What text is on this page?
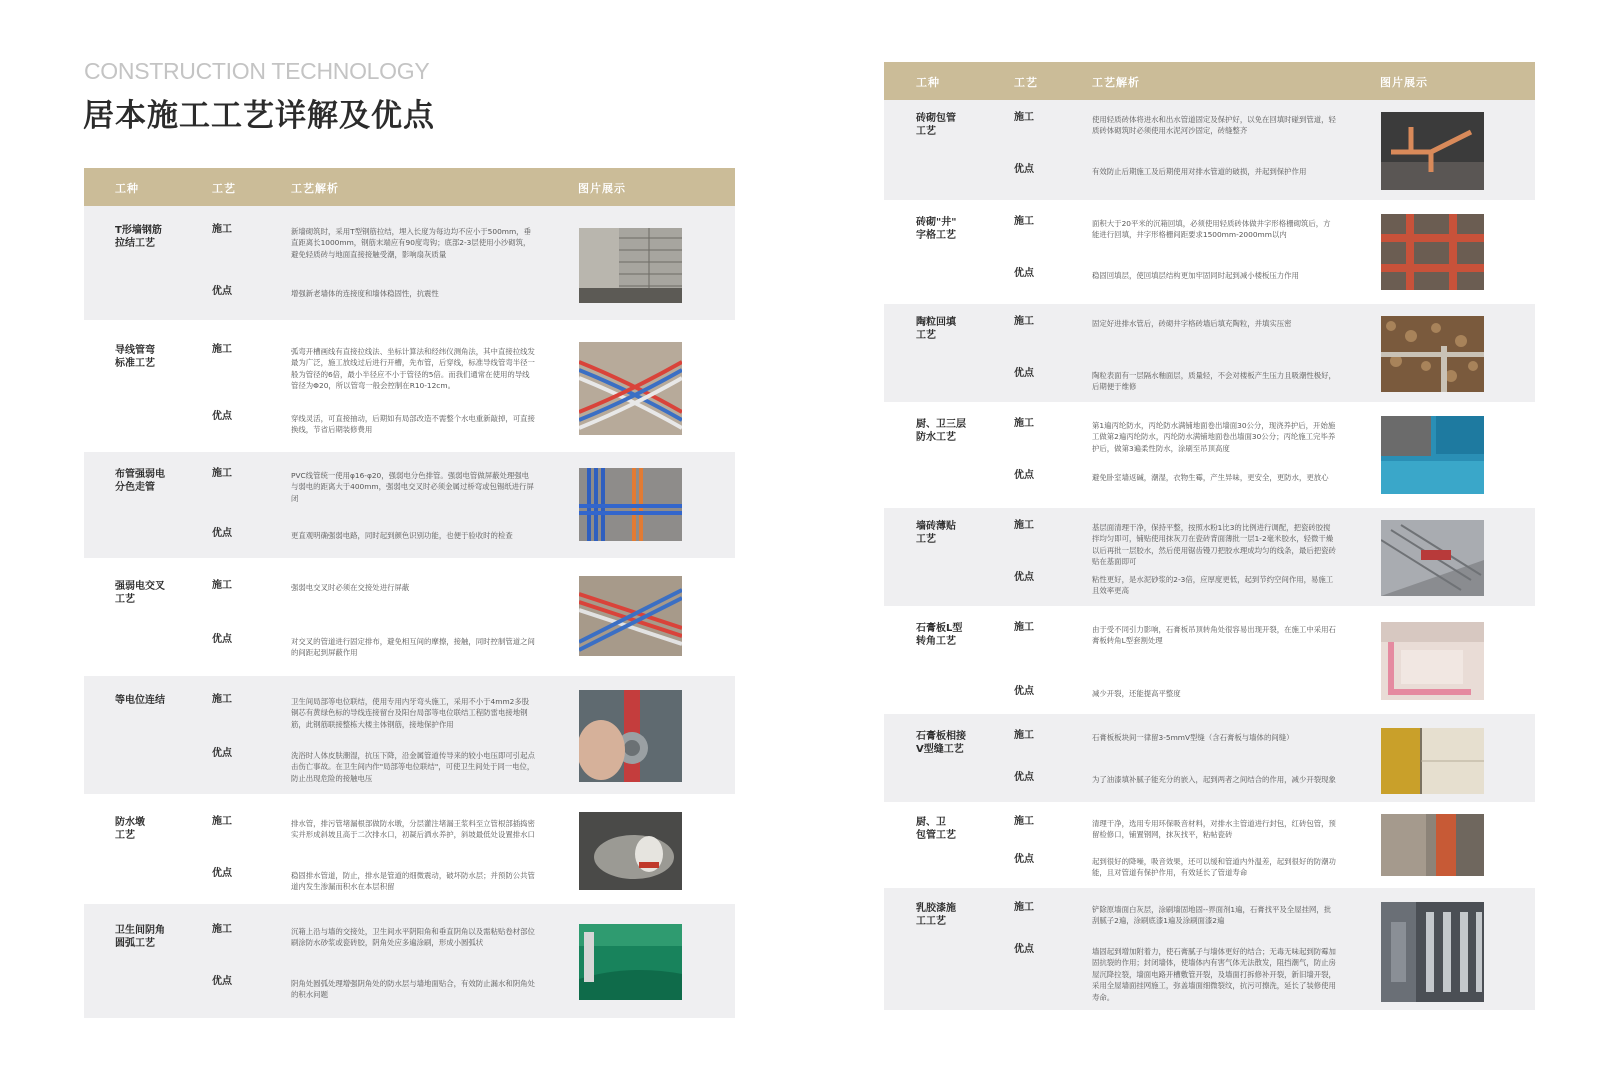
CONSTRUCTION TECHNOLOGY
居本施工工艺详解及优点
工种	工艺	工艺解析	图片展示
T形墙钢筋
拉结工艺
施工	新墙砌筑时，采用T型钢筋拉结，埋入长度为每边均不应小于500mm，垂直距离长1000mm，钢筋末端应有90度弯钩；底部2-3层使用小沙砌筑，避免轻质砖与地面直接接触受潮，影响扇灰质量
优点	增强新老墙体的连接度和墙体稳固性，抗震性
导线管弯
标准工艺
施工	弧弯开槽画线有直接拉线法、坐标计算法和经纬仪测角法，其中直接拉线发最为广泛，施工放线过后进行开槽，先布管，后穿线，标准导线管弯半径一般为管径的6倍，最小半径应不小于管径的5倍。而我们通常在使用的导线管径为Φ20，所以管弯一般会控制在R10-12cm。
优点	穿线灵活，可直接抽动，后期如有局部改造不需整个水电重新敲掉，可直接换线，节省后期装修费用
布管强弱电
分色走管
施工	PVC线管统一使用φ16-φ20，强弱电分色排管。强弱电管做屏蔽处理强电与弱电的距离大于400mm，强弱电交叉时必须金属过桥弯或包锡纸进行屏闭
优点	更直观明确强弱电路，同时起到颜色识别功能，也便于验收时的检查
强弱电交叉
工艺
施工	强弱电交叉时必须在交接处进行屏蔽
优点	对交叉的管道进行固定排布，避免相互间的摩擦，接触，同时控制管道之间的间距起到屏蔽作用
等电位连结	施工	卫生间局部等电位联结，使用专用内牙弯头施工，采用不小于4mm2多股铜芯有黄绿色标的导线连接留台及阳台局部等电位联结工程防雷电接地钢筋，此钢筋联接整栋大楼主体钢筋，接地保护作用
优点	洗浴时人体皮肤潮湿，抗压下降，沿金属管道传导来的较小电压即可引起点击伤亡事故。在卫生间内作"局部等电位联结"，可使卫生间处于同一电位，防止出现危险的接触电压
防水墩
工艺
施工	排水管，排污管堵漏根部做防水墩，分层灌注堵漏王浆料至立管根部插捣密实并形成斜坡且高于二次排水口，初凝后洒水养护，斜坡最低处设置排水口
优点	稳固排水管道，防止，排水是管道的细微震动，破坏防水层；并预防公共管道内发生渗漏而积水在本层积留
卫生间阴角
圆弧工艺
施工	沉箱上沿与墙的交接处，卫生间水平阴阳角和垂直阴角以及需粘贴卷材部位刷涂防水砂浆或瓷砖胶，阴角处应多遍涂刷，形成小圆弧状
优点	阴角处圆弧处理增强阴角处的防水层与墙地面贴合，有效防止漏水和阴角处的积水问题
工种	工艺	工艺解析	图片展示
砖砌包管
工艺
施工	使用轻质砖体将进水和出水管道固定及保护好，以免在回填时碰到管道，轻质砖体砌筑时必须使用水泥河沙固定，砖缝整齐
优点	有效防止后期施工及后期使用对排水管道的破损，并起到保护作用
砖砌"井"
字格工艺
施工	面积大于20平米的沉箱回填，必须使用轻质砖体做井字形格栅砌筑后，方能进行回填，井字形格栅间距要求1500mm-2000mm以内
优点	稳固回填层，使回填层结构更加牢固同时起到减小楼板压力作用
陶粒回填
工艺
施工	固定好进排水管后，砖砌井字格砖墙后填充陶粒，并填实压密
优点	陶粒表面有一层隔水釉面层，质量轻，不会对楼板产生压力且吸潮性极好，后期便于维修
厨、卫三层
防水工艺
施工	第1遍丙纶防水，丙纶防水满铺地面卷出墙面30公分，现浇养护后，开始施工做第2遍丙纶防水，丙纶防水满铺地面卷出墙面30公分；丙纶施工完毕养护后，做第3遍柔性防水，涂刷至吊顶高度
优点	避免卧室墙返碱，潮湿，衣物生霉，产生异味，更安全，更防水，更放心
墙砖薄贴
工艺
施工	基层面清理干净，保持平整，按照水粉1比3的比例进行调配，把瓷砖胶搅拌均匀即可，铺贴使用抹灰刀在瓷砖背面薄批一层1-2毫米胶水，轻微干燥以后再批一层胶水，然后使用锯齿镘刀把胶水理成均匀的线条，最后把瓷砖贴在基面即可
优点	粘性更好，是水泥砂浆的2-3倍，应厚度更低，起到节约空间作用，易施工且效率更高
石膏板L型
转角工艺
施工	由于受不同引力影响，石膏板吊顶转角处很容易出现开裂，在施工中采用石膏板转角L型套割处理
优点	减少开裂，还能提高平整度
石膏板相接
V型缝工艺
施工	石膏板板块间一律留3-5mmV型缝（含石膏板与墙体的间缝）
优点	为了油漆填补腻子能充分的嵌入，起到两者之间结合的作用，减少开裂现象
厨、卫
包管工艺
施工	清理干净，选用专用环保吸音材料，对排水主管道进行封包，红砖包管，预留检修口，铺置钢网，抹灰找平，粘帖瓷砖
优点	起到很好的降噪，吸音效果，还可以缓和管道内外温差，起到很好的防潮功能，且对管道有保护作用，有效延长了管道寿命
乳胶漆施
工工艺
施工	铲除原墙面白灰层，涂刷墙固地固--界面剂1遍，石膏找平及全屋挂网，批刮腻子2遍，涂刷底漆1遍及涂刷面漆2遍
优点	墙固起到增加附着力，使石膏腻子与墙体更好的结合；无毒无味起到防霉加固抗裂的作用；封闭墙体，使墙体内有害气体无法散发，阻挡潮气，防止房屋沉降拉裂，墙面电路开槽敷管开裂，及墙面打拆修补开裂，新旧墙开裂，采用全屋墙面挂网施工，弥盖墙面细微裂纹，抗污可擦洗，延长了装修使用寿命。
